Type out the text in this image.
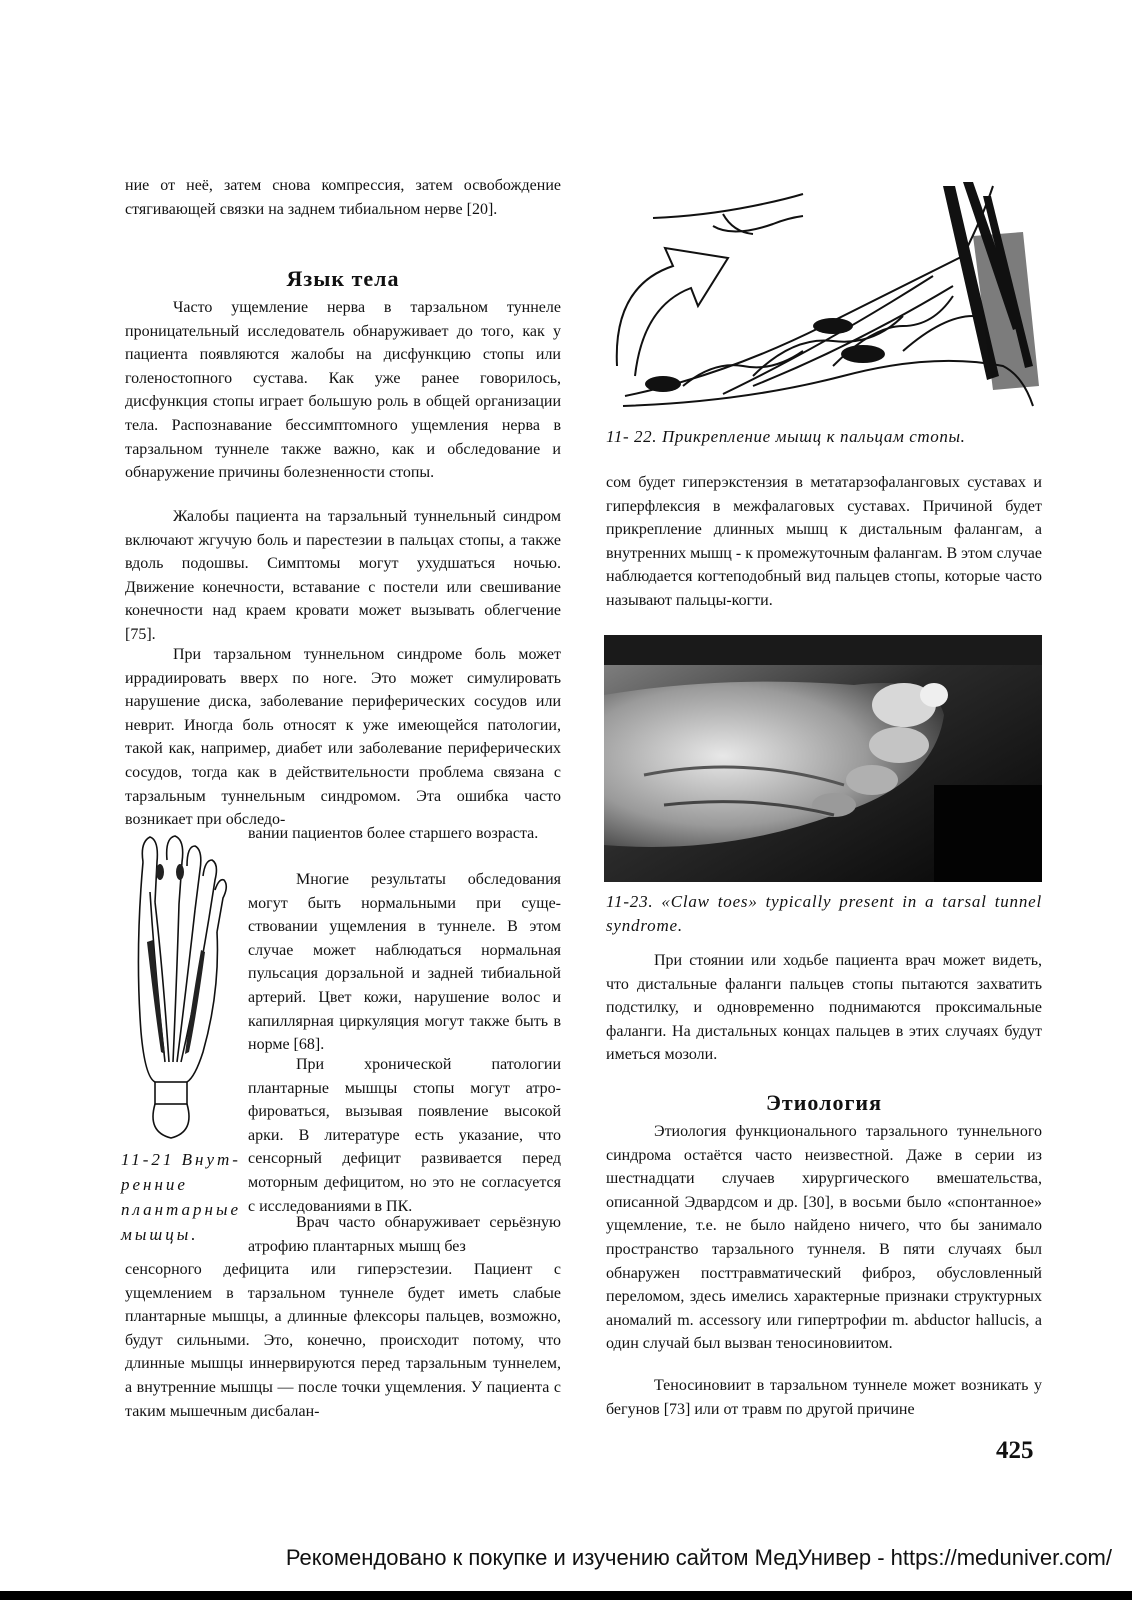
ние от неё, затем снова компрессия, затем освобождение стягивающей связки на заднем тибиальном нерве [20].

Язык тела

Часто ущемление нерва в тарзальном туннеле проницательный исследователь обнаруживает до того, как у пациента появляются жалобы на дисфункцию стопы или голеностопного сустава. Как уже ранее говорилось, дисфункция стопы играет большую роль в общей организации тела. Распознавание бессимптомного ущемления нерва в тарзальном туннеле также важно, как и обследование и обнаружение причины болезненности стопы.

Жалобы пациента на тарзальный туннельный синдром включают жгучую боль и парестезии в пальцах стопы, а также вдоль подошвы. Симптомы могут ухудшаться ночью. Движение конечности, вставание с постели или свешивание конечности над краем кровати может вызывать облегчение [75].

При тарзальном туннельном синдроме боль может иррадиировать вверх по ноге. Это может симулировать нарушение диска, заболевание периферических сосудов или неврит. Иногда боль относят к уже имеющейся патологии, такой как, например, диабет или заболевание периферических сосудов, тогда как в действительности проблема связана с тарзальным туннельным синдромом. Эта ошибка часто возникает при обследо-

вании пациентов более старшего возраста.

Многие результаты обследования могут быть нормальными при существовании ущемления в туннеле. В этом случае может наблюдаться нормальная пульсация дорзальной и задней тибиальной артерий. Цвет кожи, нарушение волос и капиллярная циркуляция могут также быть в норме [68].

При хронической патологии плантарные мышцы стопы могут атрофироваться, вызывая появление высокой арки. В литературе есть указание, что сенсорный дефицит развивается перед моторным дефицитом, но это не согласуется с исследованиями в ПК.

11-21 Внутренние плантарные мышцы.

Врач часто обнаруживает серьёзную атрофию плантарных мышц без

сенсорного дефицита или гиперэстезии. Пациент с ущемлением в тарзальном туннеле будет иметь слабые плантарные мышцы, а длинные флексоры пальцев, возможно, будут сильными. Это, конечно, происходит потому, что длинные мышцы иннервируются перед тарзальным туннелем, а внутренние мышцы — после точки ущемления. У пациента с таким мышечным дисбалан-

11- 22. Прикрепление мышц к пальцам стопы.

сом будет гиперэкстензия в метатарзофаланговых суставах и гиперфлексия в межфалаговых суставах. Причиной будет прикрепление длинных мышц к дистальным фалангам, а внутренних мышц - к промежуточным фалангам. В этом случае наблюдается когтеподобный вид пальцев стопы, которые часто называют пальцы-когти.

11-23. «Claw toes» typically present in a tarsal tunnel syndrome.

При стоянии или ходьбе пациента врач может видеть, что дистальные фаланги пальцев стопы пытаются захватить подстилку, и одновременно поднимаются проксимальные фаланги. На дистальных концах пальцев в этих случаях будут иметься мозоли.

Этиология

Этиология функционального тарзального туннельного синдрома остаётся часто неизвестной. Даже в серии из шестнадцати случаев хирургического вмешательства, описанной Эдвардсом и др. [30], в восьми было «спонтанное» ущемление, т.е. не было найдено ничего, что бы занимало пространство тарзального туннеля. В пяти случаях был обнаружен посттравматический фиброз, обусловленный переломом, здесь имелись характерные признаки структурных аномалий m. accessory или гипертрофии m. abductor hallucis, а один случай был вызван теносиновиитом.

Теносиновиит в тарзальном туннеле может возникать у бегунов [73] или от травм по другой причине

425
Рекомендовано к покупке и изучению сайтом МедУнивер - https://meduniver.com/
